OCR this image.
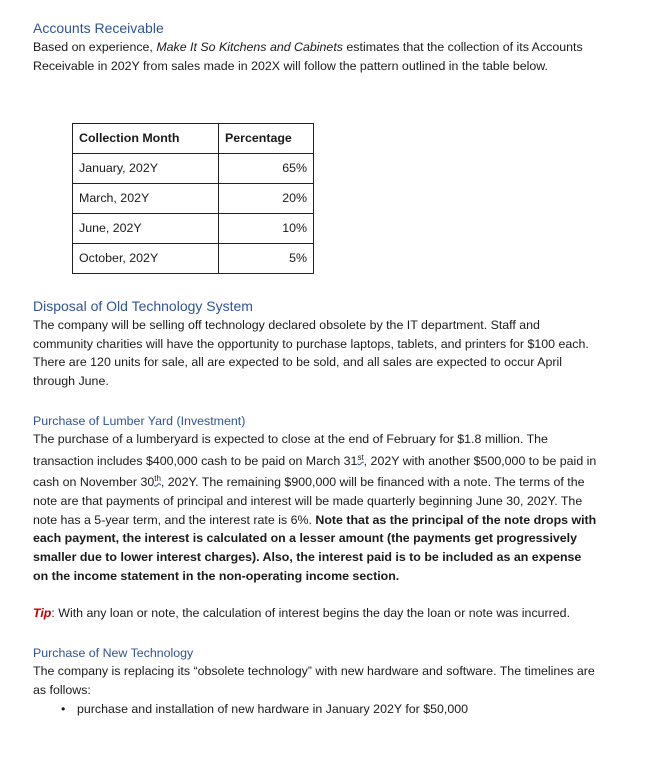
Accounts Receivable

Based on experience, Make It So Kitchens and Cabinets estimates that the collection of its Accounts Receivable in 202Y from sales made in 202X will follow the pattern outlined in the table below.

Collection Month	Percentage
January, 202Y	65%
March, 202Y	20%
June, 202Y	10%
October, 202Y	5%
Disposal of Old Technology System

The company will be selling off technology declared obsolete by the IT department. Staff and community charities will have the opportunity to purchase laptops, tablets, and printers for $100 each. There are 120 units for sale, all are expected to be sold, and all sales are expected to occur April through June.

Purchase of Lumber Yard (Investment)

The purchase of a lumberyard is expected to close at the end of February for $1.8 million. The transaction includes $400,000 cash to be paid on March 31st, 202Y with another $500,000 to be paid in cash on November 30th, 202Y. The remaining $900,000 will be financed with a note. The terms of the note are that payments of principal and interest will be made quarterly beginning June 30, 202Y. The note has a 5-year term, and the interest rate is 6%. Note that as the principal of the note drops with each payment, the interest is calculated on a lesser amount (the payments get progressively smaller due to lower interest charges). Also, the interest paid is to be included as an expense on the income statement in the non-operating income section.

Tip: With any loan or note, the calculation of interest begins the day the loan or note was incurred.

Purchase of New Technology

The company is replacing its “obsolete technology” with new hardware and software. The timelines are as follows:

• purchase and installation of new hardware in January 202Y for $50,000
